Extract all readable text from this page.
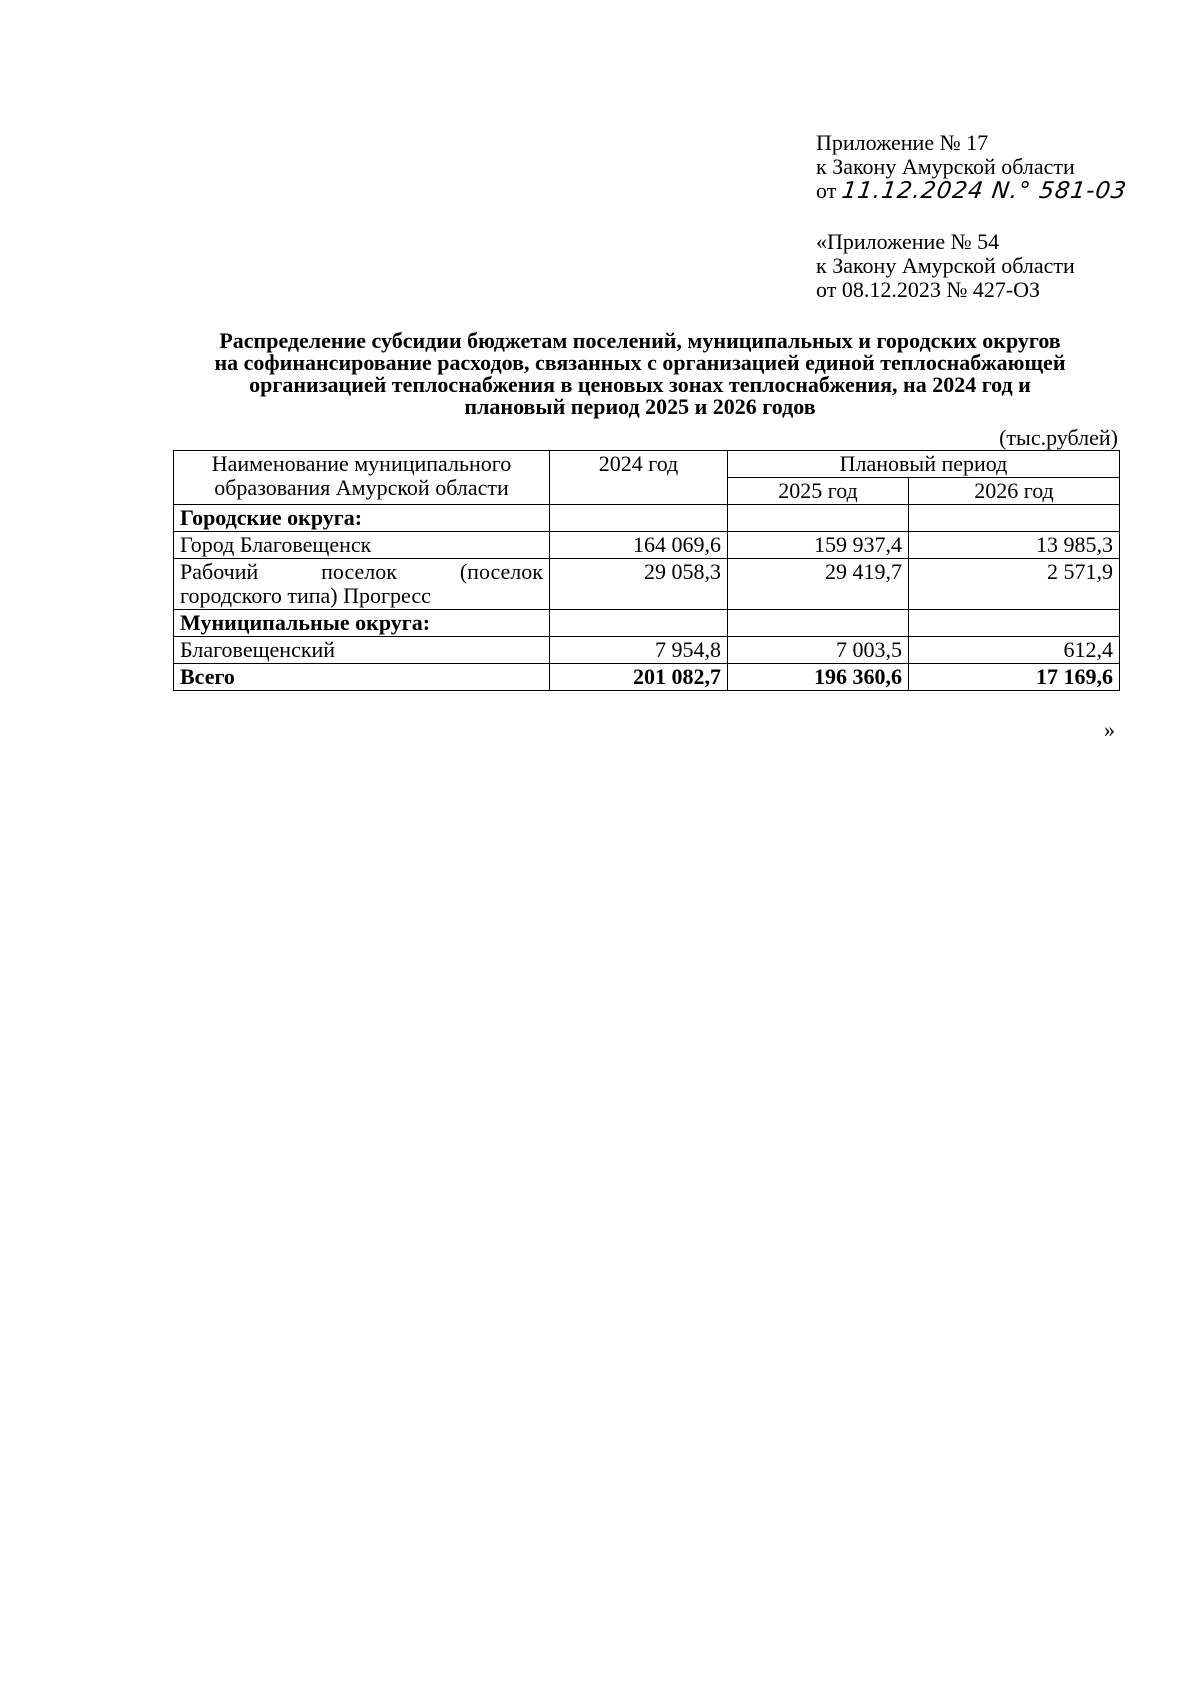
Приложение № 17
к Закону Амурской области
от 11.12.2024 N.° 581-03
«Приложение № 54
к Закону Амурской области
от 08.12.2023 № 427-ОЗ
Распределение субсидии бюджетам поселений, муниципальных и городских округов
на софинансирование расходов, связанных с организацией единой теплоснабжающей
организацией теплоснабжения в ценовых зонах теплоснабжения, на 2024 год и
плановый период 2025 и 2026 годов
(тыс.рублей)
Наименование муниципального
образования Амурской области	2024 год	Плановый период	
		2025 год	2026 год
Городские округа:			
Город Благовещенск	164 069,6	159 937,4	13 985,3

Рабочий поселок (поселок
городского типа) Прогресс	29 058,3	29 419,7	2 571,9
Муниципальные округа:			
Благовещенский	7 954,8	7 003,5	612,4
Всего	201 082,7	196 360,6	17 169,6
»
